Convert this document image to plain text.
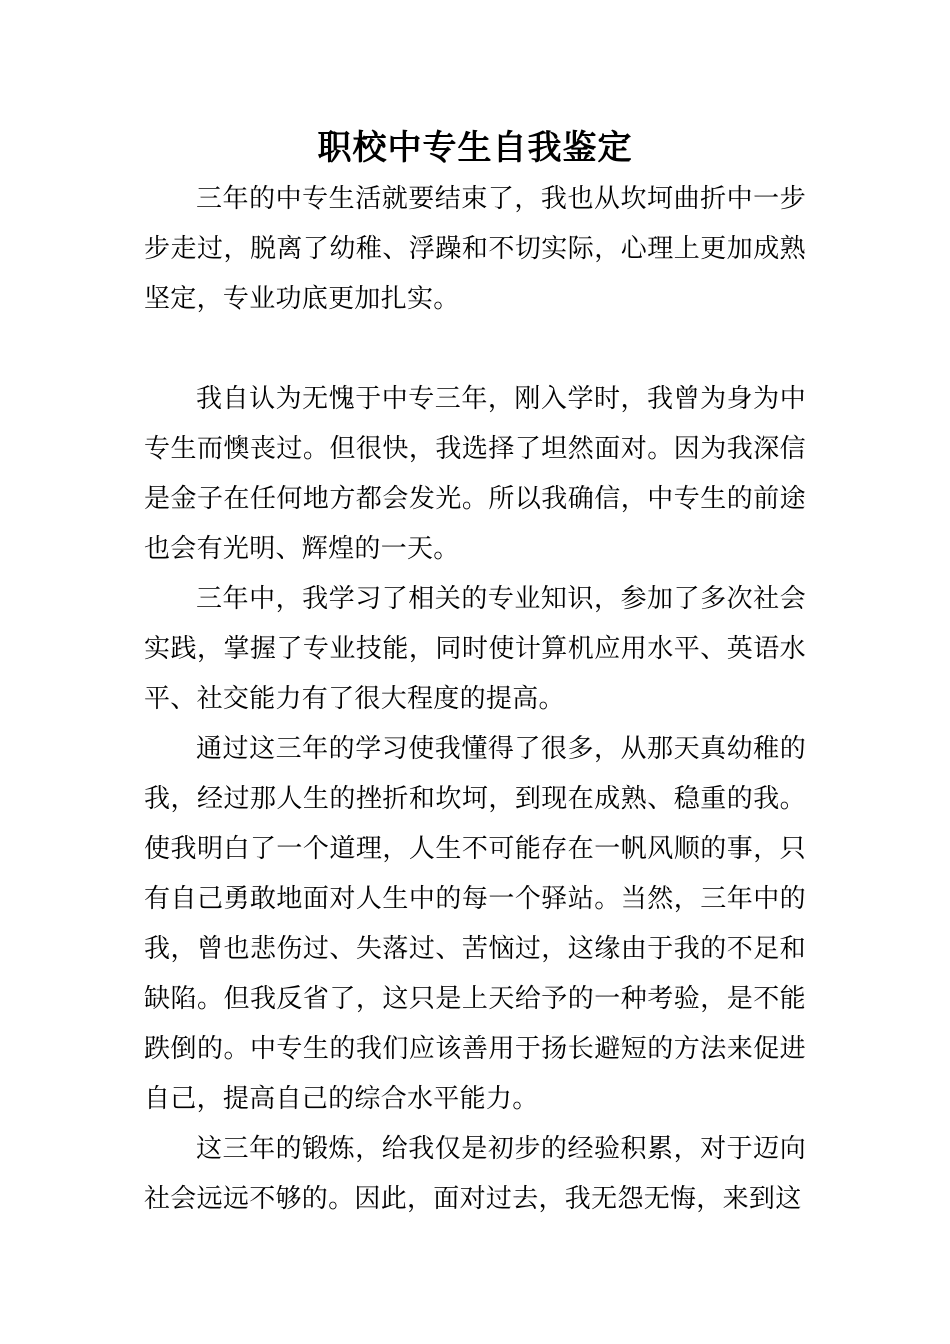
职校中专生自我鉴定

三年的中专生活就要结束了，我也从坎坷曲折中一步步走过，脱离了幼稚、浮躁和不切实际，心理上更加成熟坚定，专业功底更加扎实。

我自认为无愧于中专三年，刚入学时，我曾为身为中专生而懊丧过。但很快，我选择了坦然面对。因为我深信是金子在任何地方都会发光。所以我确信，中专生的前途也会有光明、辉煌的一天。

三年中，我学习了相关的专业知识，参加了多次社会实践，掌握了专业技能，同时使计算机应用水平、英语水平、社交能力有了很大程度的提高。

通过这三年的学习使我懂得了很多，从那天真幼稚的我，经过那人生的挫折和坎坷，到现在成熟、稳重的我。使我明白了一个道理，人生不可能存在一帆风顺的事，只有自己勇敢地面对人生中的每一个驿站。当然，三年中的我，曾也悲伤过、失落过、苦恼过，这缘由于我的不足和缺陷。但我反省了，这只是上天给予的一种考验，是不能跌倒的。中专生的我们应该善用于扬长避短的方法来促进自己，提高自己的综合水平能力。

这三年的锻炼，给我仅是初步的经验积累，对于迈向社会远远不够的。因此，面对过去，我无怨无悔，来到这
